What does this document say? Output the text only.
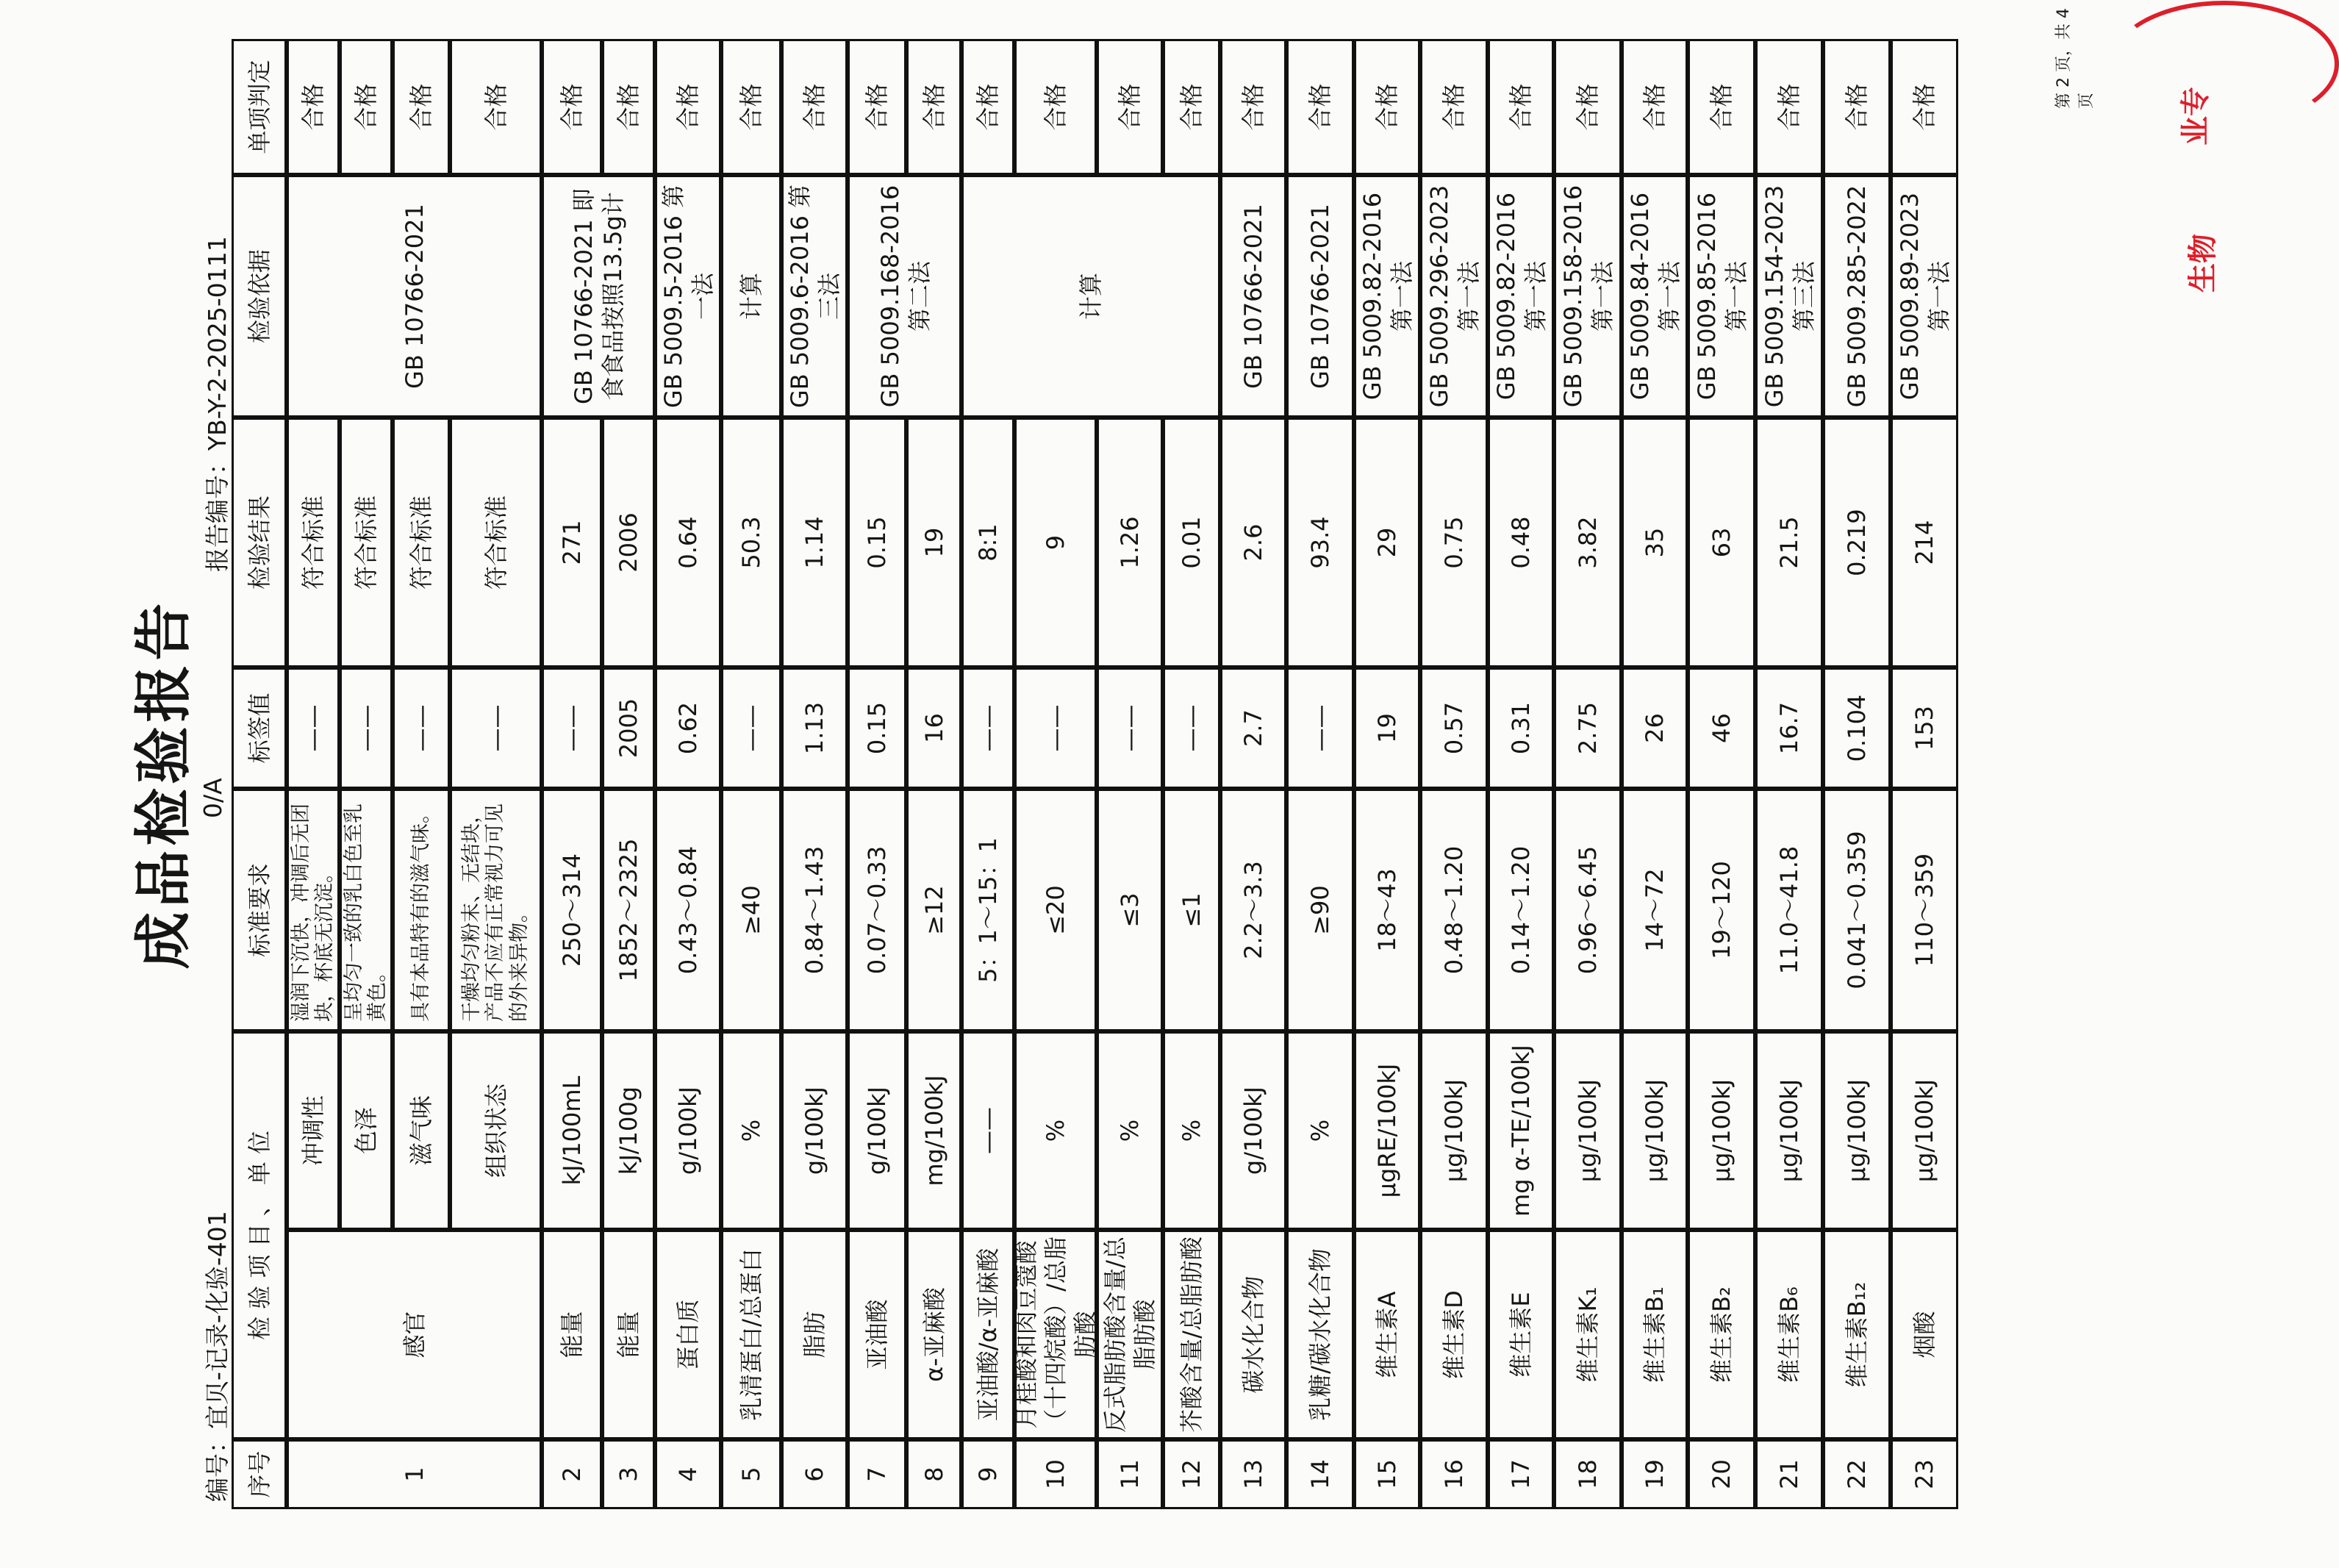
成品检验报告
编号：宜贝-记录-化验-401
0/A
报告编号：YB-Y-2-2025-0111	生物
业专
第 2 页，共 4 页
序号
检 验 项 目 、 单 位
标准要求
标签值
检验结果
检验依据
单项判定
1
感官
GB 10766-2021
冲调性
湿润下沉快，冲调后无团块，杯底无沉淀。
——
符合标准
合格
色泽
呈均匀一致的乳白色至乳黄色。
——
符合标准
合格
滋气味
具有本品特有的滋气味。
——
符合标准
合格
组织状态
干燥均匀粉末、无结块，产品不应有正常视力可见的外来异物。
——
符合标准
合格
2
能量
kJ/100mL
250～314
——
271
GB 10766-2021 即食食品按照13.5g计
合格
3
能量
kJ/100g
1852～2325
2005
2006
合格
4
蛋白质
g/100kJ
0.43～0.84
0.62
0.64
GB 5009.5-2016 第一法
合格
5
乳清蛋白/总蛋白
%
≥40
——
50.3
计算
合格
6
脂肪
g/100kJ
0.84～1.43
1.13
1.14
GB 5009.6-2016 第三法
合格
7
亚油酸
g/100kJ
0.07～0.33
0.15
0.15
GB 5009.168-2016 第二法
合格
8
α-亚麻酸
mg/100kJ
≥12
16
19
合格
9
亚油酸/α-亚麻酸
——
5：1～15：1
——
8:1
计算
合格
10
月桂酸和肉豆蔻酸（十四烷酸）/总脂肪酸
%
≤20
——
9
合格
11
反式脂肪酸含量/总脂肪酸
%
≤3
——
1.26
合格
12
芥酸含量/总脂肪酸
%
≤1
——
0.01
合格
13
碳水化合物
g/100kJ
2.2～3.3
2.7
2.6
GB 10766-2021
合格
14
乳糖/碳水化合物
%
≥90
——
93.4
GB 10766-2021
合格
15
维生素A
μgRE/100kJ
18～43
19
29
GB 5009.82-2016 第一法
合格
16
维生素D
μg/100kJ
0.48～1.20
0.57
0.75
GB 5009.296-2023 第一法
合格
17
维生素E
mg α-TE/100kJ
0.14～1.20
0.31
0.48
GB 5009.82-2016 第一法
合格
18
维生素K₁
μg/100kJ
0.96～6.45
2.75
3.82
GB 5009.158-2016 第一法
合格
19
维生素B₁
μg/100kJ
14～72
26
35
GB 5009.84-2016 第一法
合格
20
维生素B₂
μg/100kJ
19～120
46
63
GB 5009.85-2016 第一法
合格
21
维生素B₆
μg/100kJ
11.0～41.8
16.7
21.5
GB 5009.154-2023 第三法
合格
22
维生素B₁₂
μg/100kJ
0.041～0.359
0.104
0.219
GB 5009.285-2022
合格
23
烟酸
μg/100kJ
110～359
153
214
GB 5009.89-2023 第一法
合格
